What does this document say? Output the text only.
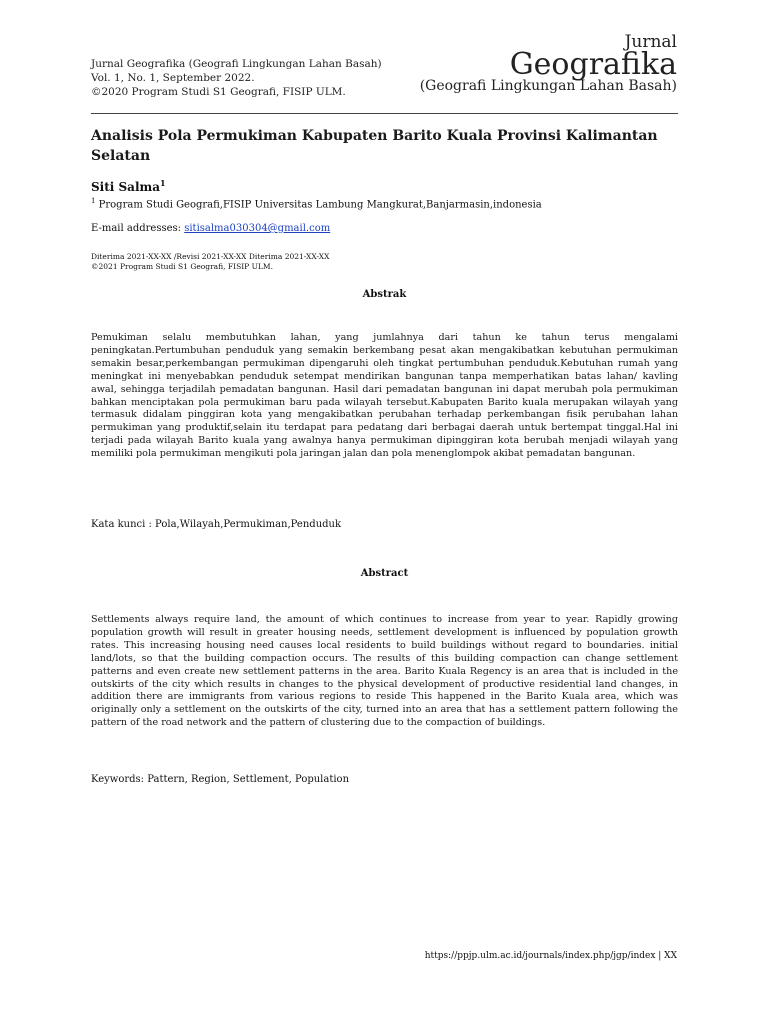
Jurnal Geografika (Geografi Lingkungan Lahan Basah)
Vol. 1, No. 1, September 2022.
©2020 Program Studi S1 Geografi, FISIP ULM.
Jurnal
Geografika
(Geografi Lingkungan Lahan Basah)
Analisis Pola Permukiman Kabupaten Barito Kuala Provinsi Kalimantan Selatan
Siti Salma$^1$
$^1$ Program Studi Geografi,FISIP Universitas Lambung Mangkurat,Banjarmasin,indonesia
E-mail addresses: sitisalma030304@gmail.com
Diterima 2021-XX-XX /Revisi 2021-XX-XX Diterima 2021-XX-XX
©2021 Program Studi S1 Geografi, FISIP ULM.
Abstrak
Pemukiman selalu membutuhkan lahan, yang jumlahnya dari tahun ke tahun terus mengalami peningkatan.Pertumbuhan penduduk yang semakin berkembang pesat akan mengakibatkan kebutuhan permukiman semakin besar,perkembangan permukiman dipengaruhi oleh tingkat pertumbuhan penduduk.Kebutuhan rumah yang meningkat ini menyebabkan penduduk setempat mendirikan bangunan tanpa memperhatikan batas lahan/ kavling awal, sehingga terjadilah pemadatan bangunan. Hasil dari pemadatan bangunan ini dapat merubah pola permukiman bahkan menciptakan pola permukiman baru pada wilayah tersebut.Kabupaten Barito kuala merupakan wilayah yang termasuk didalam pinggiran kota yang mengakibatkan perubahan terhadap perkembangan fisik perubahan lahan permukiman yang produktif,selain itu terdapat para pedatang dari berbagai daerah untuk bertempat tinggal.Hal ini terjadi pada wilayah Barito kuala yang awalnya hanya permukiman dipinggiran kota berubah menjadi wilayah yang memiliki pola permukiman mengikuti pola jaringan jalan dan pola menenglompok akibat pemadatan bangunan.
Kata kunci : Pola,Wilayah,Permukiman,Penduduk
Abstract
Settlements always require land, the amount of which continues to increase from year to year. Rapidly growing population growth will result in greater housing needs, settlement development is influenced by population growth rates. This increasing housing need causes local residents to build buildings without regard to boundaries. initial land/lots, so that the building compaction occurs. The results of this building compaction can change settlement patterns and even create new settlement patterns in the area. Barito Kuala Regency is an area that is included in the outskirts of the city which results in changes to the physical development of productive residential land changes, in addition there are immigrants from various regions to reside This happened in the Barito Kuala area, which was originally only a settlement on the outskirts of the city, turned into an area that has a settlement pattern following the pattern of the road network and the pattern of clustering due to the compaction of buildings.
Keywords: Pattern, Region, Settlement, Population
https://ppjp.ulm.ac.id/journals/index.php/jgp/index | XX
